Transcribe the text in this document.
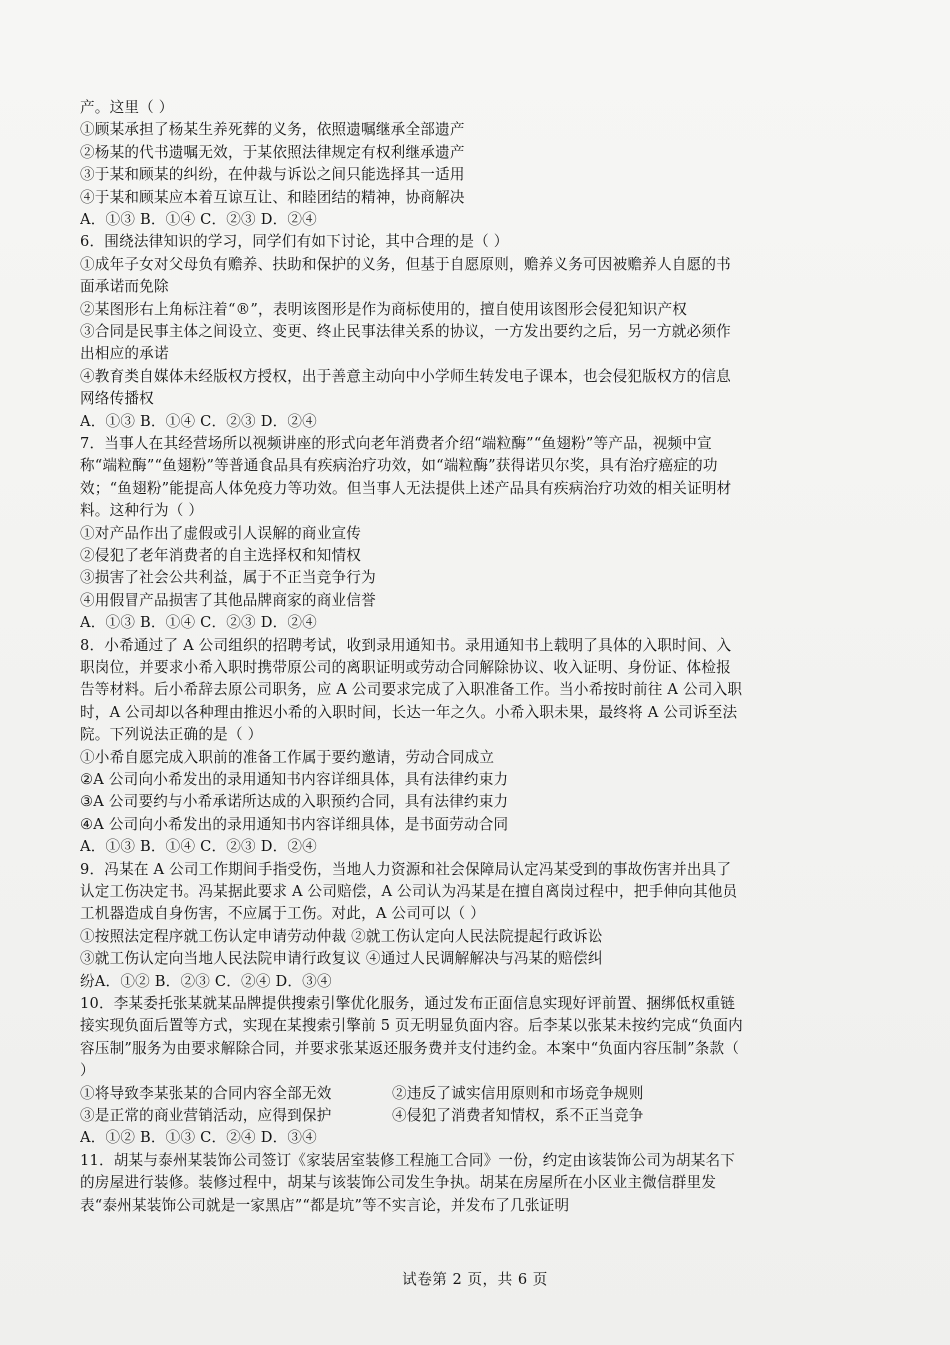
产。这里（ ）
①顾某承担了杨某生养死葬的义务，依照遗嘱继承全部遗产
②杨某的代书遗嘱无效，于某依照法律规定有权利继承遗产
③于某和顾某的纠纷，在仲裁与诉讼之间只能选择其一适用
④于某和顾某应本着互谅互让、和睦团结的精神，协商解决
A．①③ B．①④ C．②③ D．②④
6．围绕法律知识的学习，同学们有如下讨论，其中合理的是（ ）
①成年子女对父母负有赡养、扶助和保护的义务，但基于自愿原则，赡养义务可因被赡养人自愿的书面承诺而免除
②某图形右上角标注着“®”，表明该图形是作为商标使用的，擅自使用该图形会侵犯知识产权
③合同是民事主体之间设立、变更、终止民事法律关系的协议，一方发出要约之后，另一方就必须作出相应的承诺
④教育类自媒体未经版权方授权，出于善意主动向中小学师生转发电子课本，也会侵犯版权方的信息网络传播权
A．①③ B．①④ C．②③ D．②④
7．当事人在其经营场所以视频讲座的形式向老年消费者介绍“端粒酶”“鱼翅粉”等产品，视频中宣称“端粒酶”“鱼翅粉”等普通食品具有疾病治疗功效，如“端粒酶”获得诺贝尔奖，具有治疗癌症的功效；“鱼翅粉”能提高人体免疫力等功效。但当事人无法提供上述产品具有疾病治疗功效的相关证明材料。这种行为（ ）
①对产品作出了虚假或引人误解的商业宣传
②侵犯了老年消费者的自主选择权和知情权
③损害了社会公共利益，属于不正当竞争行为
④用假冒产品损害了其他品牌商家的商业信誉
A．①③ B．①④ C．②③ D．②④
8．小希通过了 A 公司组织的招聘考试，收到录用通知书。录用通知书上载明了具体的入职时间、入职岗位，并要求小希入职时携带原公司的离职证明或劳动合同解除协议、收入证明、身份证、体检报告等材料。后小希辞去原公司职务，应 A 公司要求完成了入职准备工作。当小希按时前往 A 公司入职时，A 公司却以各种理由推迟小希的入职时间，长达一年之久。小希入职未果，最终将 A 公司诉至法院。下列说法正确的是（ ）
①小希自愿完成入职前的准备工作属于要约邀请，劳动合同成立
②A 公司向小希发出的录用通知书内容详细具体，具有法律约束力
③A 公司要约与小希承诺所达成的入职预约合同，具有法律约束力
④A 公司向小希发出的录用通知书内容详细具体，是书面劳动合同
A．①③ B．①④ C．②③ D．②④
9．冯某在 A 公司工作期间手指受伤，当地人力资源和社会保障局认定冯某受到的事故伤害并出具了认定工伤决定书。冯某据此要求 A 公司赔偿，A 公司认为冯某是在擅自离岗过程中，把手伸向其他员工机器造成自身伤害，不应属于工伤。对此，A 公司可以（ ）
①按照法定程序就工伤认定申请劳动仲裁 ②就工伤认定向人民法院提起行政诉讼
③就工伤认定向当地人民法院申请行政复议 ④通过人民调解解决与冯某的赔偿纠
纷A．①② B．②③ C．②④ D．③④
10．李某委托张某就某品牌提供搜索引擎优化服务，通过发布正面信息实现好评前置、捆绑低权重链接实现负面后置等方式，实现在某搜索引擎前 5 页无明显负面内容。后李某以张某未按约完成“负面内容压制”服务为由要求解除合同，并要求张某返还服务费并支付违约金。本案中“负面内容压制”条款（ ）
①将导致李某张某的合同内容全部无效	②违反了诚实信用原则和市场竞争规则
③是正常的商业营销活动，应得到保护	④侵犯了消费者知情权，系不正当竞争
A．①② B．①③ C．②④ D．③④
11．胡某与泰州某装饰公司签订《家装居室装修工程施工合同》一份，约定由该装饰公司为胡某名下的房屋进行装修。装修过程中，胡某与该装饰公司发生争执。胡某在房屋所在小区业主微信群里发表“泰州某装饰公司就是一家黑店”“都是坑”等不实言论，并发布了几张证明
试卷第 2 页，共 6 页
